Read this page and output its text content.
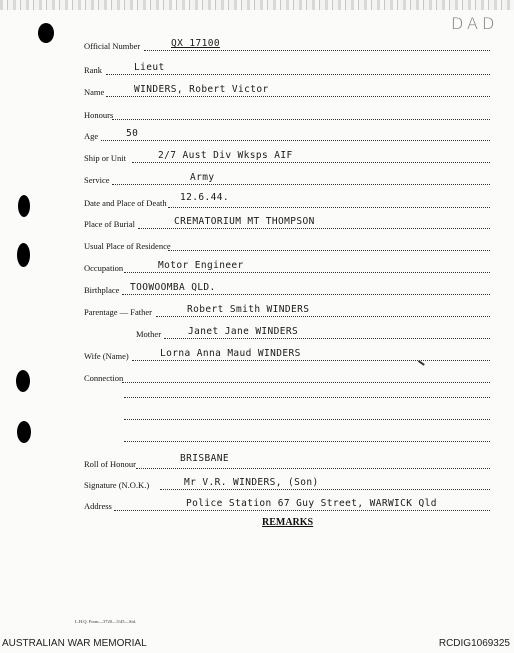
DAD
Official Number	QX 17100
Rank	Lieut
Name	WINDERS, Robert Victor
Honours
Age	50
Ship or Unit	2/7 Aust Div Wksps AIF
Service	Army
Date and Place of Death 12.6.44.
Place of Burial	CREMATORIUM MT THOMPSON
Usual Place of Residence
Occupation	Motor Engineer
Birthplace TOOWOOMBA QLD.
Parentage — Father	Robert Smith WINDERS
Mother	Janet Jane WINDERS
Wife (Name)	Lorna Anna Maud WINDERS
Connection
Roll of Honour	BRISBANE
Signature (N.O.K.)	Mr V.R. WINDERS, (Son)
Address	Police Station 67 Guy Street, WARWICK Qld
REMARKS
L.H.Q. Form—3720—5/45—Std.
AUSTRALIAN WAR MEMORIAL	RCDIG1069325
